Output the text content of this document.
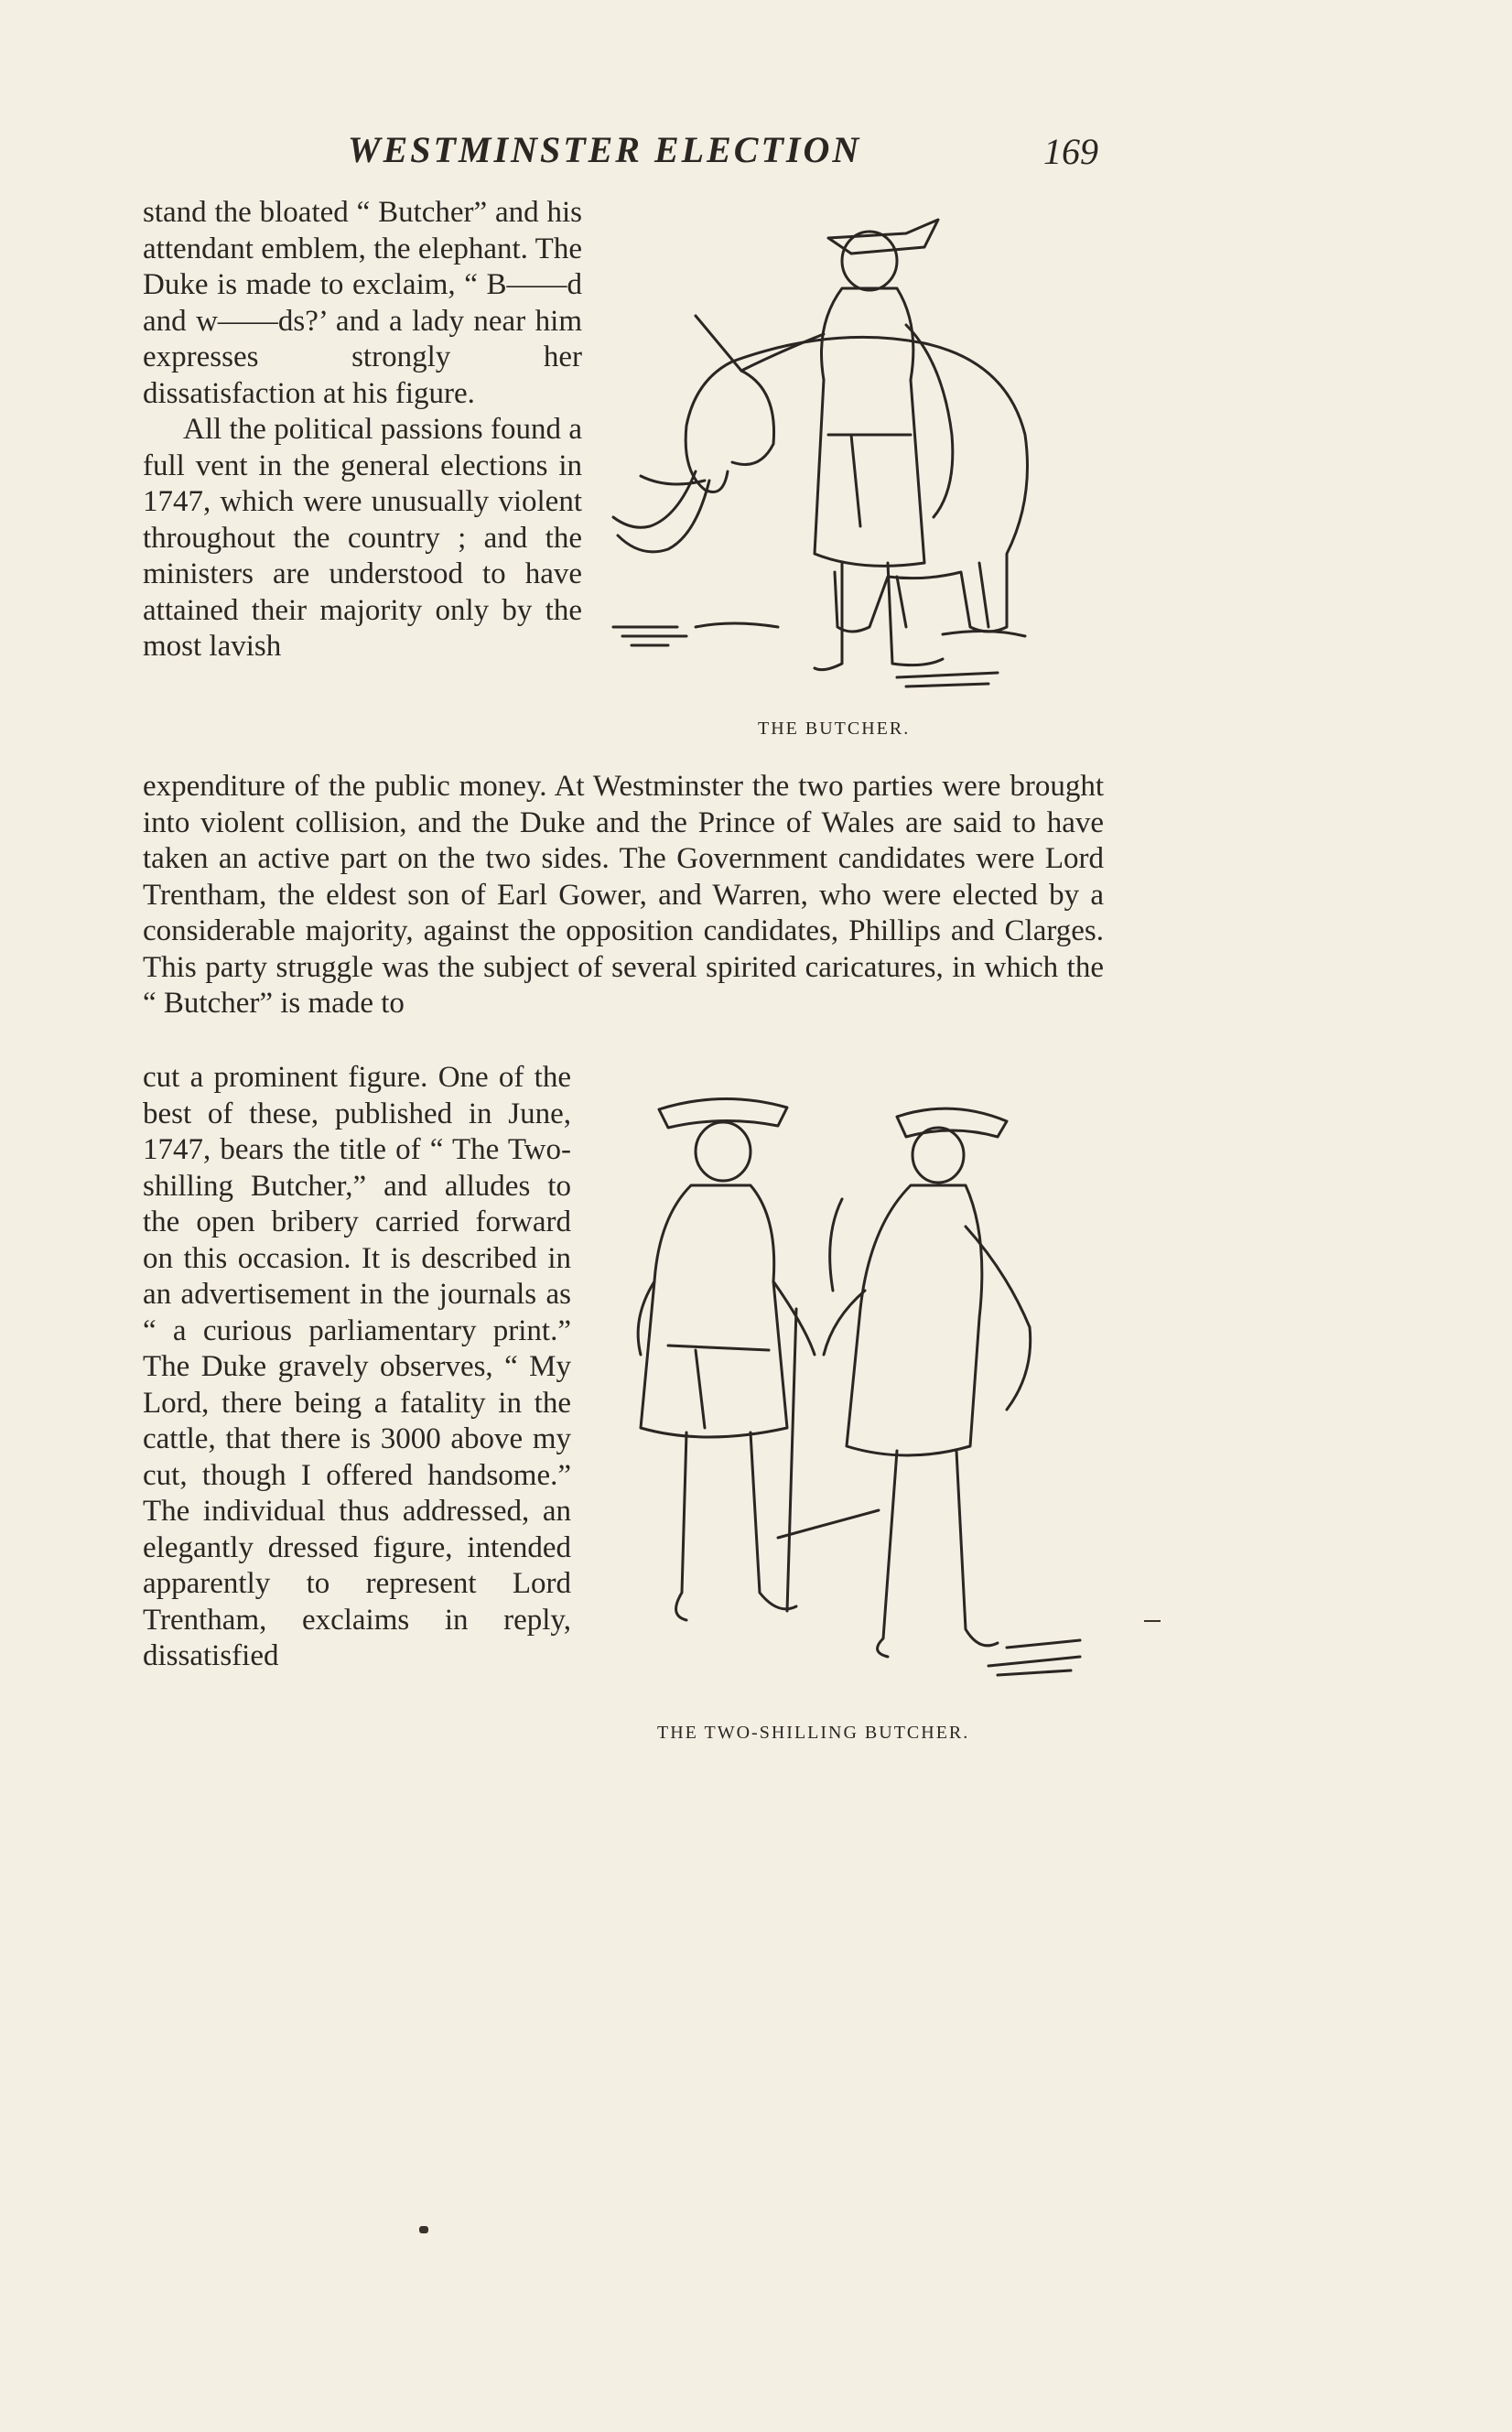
WESTMINSTER ELECTION	169

stand the bloated “ Butcher” and his attendant emblem, the elephant. The Duke is made to exclaim, “ B——d and w——ds?’ and a lady near him expresses strongly her dissatisfaction at his figure.

All the political passions found a full vent in the general elections in 1747, which were unusually violent throughout the country ; and the ministers are understood to have attained their majority only by the most lavish

expenditure of the public money. At Westminster the two parties were brought into violent collision, and the Duke and the Prince of Wales are said to have taken an active part on the two sides. The Government candidates were Lord Trentham, the eldest son of Earl Gower, and Warren, who were elected by a considerable majority, against the opposition candidates, Phillips and Clarges. This party struggle was the subject of several spirited caricatures, in which the “ Butcher” is made to

cut a prominent figure. One of the best of these, published in June, 1747, bears the title of “ The Two-shilling Butcher,” and alludes to the open bribery carried forward on this occasion. It is described in an advertisement in the journals as “ a curious parliamentary print.” The Duke gravely observes, “ My Lord, there being a fatality in the cattle, that there is 3000 above my cut, though I offered handsome.” The individual thus addressed, an elegantly dressed figure, intended apparently to represent Lord Trentham, exclaims in reply, dissatisfied

THE BUTCHER.
THE TWO-SHILLING BUTCHER.
